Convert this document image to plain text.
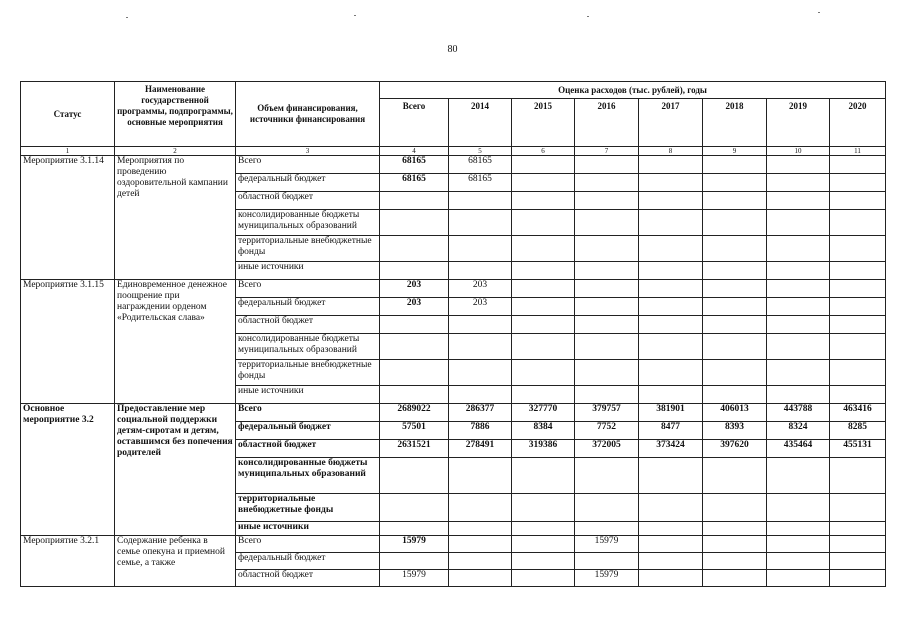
80
Статус	Наименование государственной программы, подпрограммы, основные мероприятия	Объем финансирования, источники финансирования	Оценка расходов (тыс. рублей), годы							
			Всего	2014	2015	2016	2017	2018	2019	2020
1	2	3	4	5	6	7	8	9	10	11
Мероприятие 3.1.14	Мероприятия по проведению оздоровительной кампании детей	Всего	68165	68165						
		федеральный бюджет	68165	68165						
		областной бюджет								
		консолидированные бюджеты муниципальных образований								
		территориальные внебюджетные фонды								
		иные источники								
Мероприятие 3.1.15	Единовременное денежное поощрение при награждении орденом «Родительская слава»	Всего	203	203						
		федеральный бюджет	203	203						
		областной бюджет								
		консолидированные бюджеты муниципальных образований								
		территориальные внебюджетные фонды								
		иные источники								
Основное мероприятие 3.2	Предоставление мер социальной поддержки детям-сиротам и детям, оставшимся без попечения родителей	Всего	2689022	286377	327770	379757	381901	406013	443788	463416
		федеральный бюджет	57501	7886	8384	7752	8477	8393	8324	8285
		областной бюджет	2631521	278491	319386	372005	373424	397620	435464	455131
		консолидированные бюджеты муниципальных образований								
		территориальные внебюджетные фонды								
		иные источники								
Мероприятие 3.2.1	Содержание ребенка в семье опекуна и приемной семье, а также	Всего	15979			15979				
		федеральный бюджет								
		областной бюджет	15979			15979				
